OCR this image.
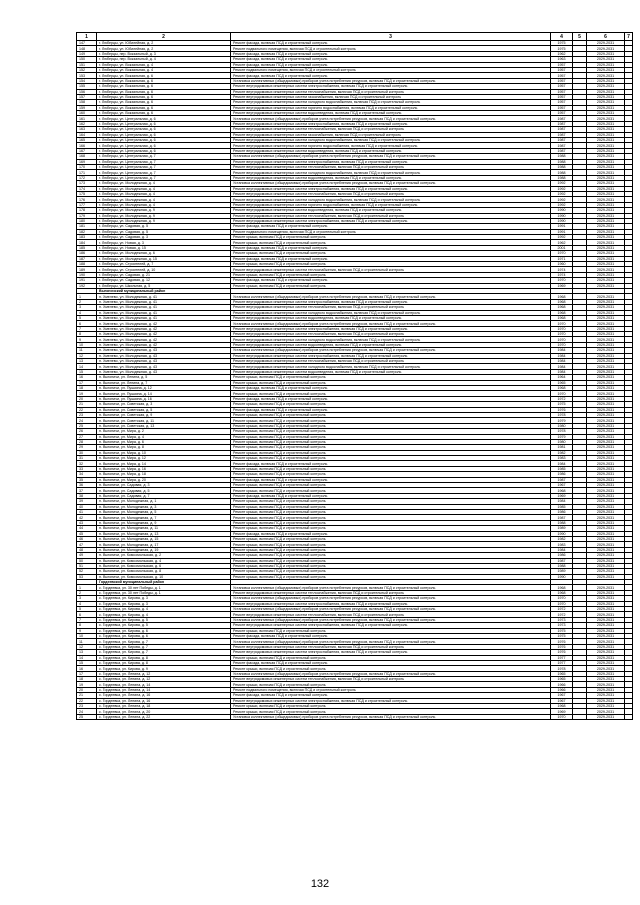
1	2	3	4	5	6	7
147	г. Люберцы, ул. Юбилейная, д. 2	Ремонт фасада, включая ПСД и строительный контроль	1975		2029-2031	
148	г. Люберцы, ул. Юбилейная, д. 2	Ремонт подвального помещения, включая ПСД и строительный контроль	1975		2029-2031	
149	г. Люберцы, пер. Вокзальный, д. 3	Ремонт фасада, включая ПСД и строительный контроль	1962		2029-2031	
150	г. Люберцы, пер. Вокзальный, д. 4	Ремонт фасада, включая ПСД и строительный контроль	1963		2029-2031	
151	г. Люберцы, ул. Вокзальная, д. 4	Ремонт фасада, включая ПСД и строительный контроль	1957		2029-2031	
152	г. Люберцы, ул. Вокзальная, д. 4	Ремонт подвального помещения, включая ПСД и строительный контроль	1957		2029-2031	
153	г. Люберцы, ул. Вокзальная, д. 6	Ремонт фасада, включая ПСД и строительный контроль	1957		2029-2031	
154	г. Люберцы, ул. Вокзальная, д. 6	Установка коллективных (общедомовых) приборов учета потребления ресурсов, включая ПСД и строительный контроль	1957		2029-2031	
155	г. Люберцы, ул. Вокзальная, д. 6	Ремонт внутридомовых инженерных систем электроснабжения, включая ПСД и строительный контроль	1957		2029-2031	
156	г. Люберцы, ул. Вокзальная, д. 6	Ремонт внутридомовых инженерных систем теплоснабжения, включая ПСД и строительный контроль	1957		2029-2031	
157	г. Люберцы, ул. Вокзальная, д. 6	Ремонт внутридомовых инженерных систем газоснабжения, включая ПСД и строительный контроль	1957		2029-2031	
158	г. Люберцы, ул. Вокзальная, д. 6	Ремонт внутридомовых инженерных систем холодного водоснабжения, включая ПСД и строительный контроль	1957		2029-2031	
159	г. Люберцы, ул. Вокзальная, д. 6	Ремонт внутридомовых инженерных систем горячего водоснабжения, включая ПСД и строительный контроль	1957		2029-2031	
160	г. Люберцы, ул. Вокзальная, д. 6	Ремонт внутридомовых инженерных систем водоотведения, включая ПСД и строительный контроль	1957		2029-2031	
161	г. Люберцы, ул. Центральная, д. 6	Установка коллективных (общедомовых) приборов учета потребления ресурсов, включая ПСД и строительный контроль	1987		2029-2031	
162	г. Люберцы, ул. Центральная, д. 6	Ремонт внутридомовых инженерных систем электроснабжения, включая ПСД и строительный контроль	1987		2029-2031	
163	г. Люберцы, ул. Центральная, д. 6	Ремонт внутридомовых инженерных систем теплоснабжения, включая ПСД и строительный контроль	1987		2029-2031	
164	г. Люберцы, ул. Центральная, д. 6	Ремонт внутридомовых инженерных систем газоснабжения, включая ПСД и строительный контроль	1987		2029-2031	
165	г. Люберцы, ул. Центральная, д. 6	Ремонт внутридомовых инженерных систем холодного водоснабжения, включая ПСД и строительный контроль	1987		2029-2031	
166	г. Люберцы, ул. Центральная, д. 6	Ремонт внутридомовых инженерных систем горячего водоснабжения, включая ПСД и строительный контроль	1987		2029-2031	
167	г. Люберцы, ул. Центральная, д. 6	Ремонт внутридомовых инженерных систем водоотведения, включая ПСД и строительный контроль	1987		2029-2031	
168	г. Люберцы, ул. Центральная, д. 7	Установка коллективных (общедомовых) приборов учета потребления ресурсов, включая ПСД и строительный контроль	1988		2029-2031	
169	г. Люберцы, ул. Центральная, д. 7	Ремонт внутридомовых инженерных систем электроснабжения, включая ПСД и строительный контроль	1988		2029-2031	
170	г. Люберцы, ул. Центральная, д. 7	Ремонт внутридомовых инженерных систем теплоснабжения, включая ПСД и строительный контроль	1988		2029-2031	
171	г. Люберцы, ул. Центральная, д. 7	Ремонт внутридомовых инженерных систем холодного водоснабжения, включая ПСД и строительный контроль	1988		2029-2031	
172	г. Люберцы, ул. Центральная, д. 7	Ремонт внутридомовых инженерных систем водоотведения, включая ПСД и строительный контроль	1988		2029-2031	
173	г. Люберцы, ул. Молодежная, д. 4	Установка коллективных (общедомовых) приборов учета потребления ресурсов, включая ПСД и строительный контроль	1992		2029-2031	
174	г. Люберцы, ул. Молодежная, д. 4	Ремонт внутридомовых инженерных систем электроснабжения, включая ПСД и строительный контроль	1992		2029-2031	
175	г. Люберцы, ул. Молодежная, д. 4	Ремонт внутридомовых инженерных систем теплоснабжения, включая ПСД и строительный контроль	1992		2029-2031	
176	г. Люберцы, ул. Молодежная, д. 4	Ремонт внутридомовых инженерных систем холодного водоснабжения, включая ПСД и строительный контроль	1992		2029-2031	
177	г. Люберцы, ул. Молодежная, д. 4	Ремонт внутридомовых инженерных систем горячего водоснабжения, включая ПСД и строительный контроль	1992		2029-2031	
178	г. Люберцы, ул. Молодежная, д. 9	Ремонт внутридомовых инженерных систем водоотведения, включая ПСД и строительный контроль	1990		2029-2031	
179	г. Люберцы, ул. Молодежная, д. 9	Ремонт внутридомовых инженерных систем теплоснабжения, включая ПСД и строительный контроль	1990		2029-2031	
180	г. Люберцы, ул. Молодежная, д. 9	Ремонт внутридомовых инженерных систем электроснабжения, включая ПСД и строительный контроль	1990		2029-2031	
181	г. Люберцы, ул. Садовая, д. 5	Ремонт фасада, включая ПСД и строительный контроль	1991		2029-2031	
182	г. Люберцы, ул. Садовая, д. 5	Ремонт подвального помещения, включая ПСД и строительный контроль	1991		2029-2031	
183	г. Люберцы, ул. Садовая, д. 3	Ремонт крыши, включая ПСД и строительный контроль	1992		2029-2031	
184	г. Люберцы, ул. Новая, д. 3	Ремонт крыши, включая ПСД и строительный контроль	1962		2029-2031	
185	г. Люберцы, ул. Новая, д. 15	Ремонт фасада, включая ПСД и строительный контроль	2001		2029-2031	
186	г. Люберцы, ул. Молодежная, д. 6	Ремонт крыши, включая ПСД и строительный контроль	1970		2029-2031	
187	г. Люберцы, ул. Молодежная, д. 15	Ремонт фасада, включая ПСД и строительный контроль	1971		2029-2031	
188	г. Люберцы, ул. Строителей, д. 7	Ремонт крыши, включая ПСД и строительный контроль	1960		2029-2031	
189	г. Люберцы, ул. Строителей, д. 10	Ремонт внутридомовых инженерных систем теплоснабжения, включая ПСД и строительный контроль	1974		2029-2031	
190	г. Люберцы, ул. Садовая, д. 21	Ремонт крыши, включая ПСД и строительный контроль	1974		2029-2031	
191	г. Люберцы, ул. Садовая, д. 12	Ремонт фасада, включая ПСД и строительный контроль	1970		2029-2031	
192	г. Люберцы, ул. Школьная, д. 5	Ремонт крыши, включая ПСД и строительный контроль	1969		2029-2031	
	Выгоничский муниципальный район					
1	п. Хмелево, ул. Молодежная, д. 41	Установка коллективных (общедомовых) приборов учета потребления ресурсов, включая ПСД и строительный контроль	1968		2029-2031	
2	п. Хмелево, ул. Молодежная, д. 41	Ремонт внутридомовых инженерных систем электроснабжения, включая ПСД и строительный контроль	1968		2029-2031	
3	п. Хмелево, ул. Молодежная, д. 41	Ремонт внутридомовых инженерных систем теплоснабжения, включая ПСД и строительный контроль	1968		2029-2031	
4	п. Хмелево, ул. Молодежная, д. 41	Ремонт внутридомовых инженерных систем холодного водоснабжения, включая ПСД и строительный контроль	1968		2029-2031	
5	п. Хмелево, ул. Молодежная, д. 41	Ремонт внутридомовых инженерных систем водоотведения, включая ПСД и строительный контроль	1968		2029-2031	
6	п. Хмелево, ул. Молодежная, д. 42	Установка коллективных (общедомовых) приборов учета потребления ресурсов, включая ПСД и строительный контроль	1970		2029-2031	
7	п. Хмелево, ул. Молодежная, д. 42	Ремонт внутридомовых инженерных систем электроснабжения, включая ПСД и строительный контроль	1970		2029-2031	
8	п. Хмелево, ул. Молодежная, д. 42	Ремонт внутридомовых инженерных систем теплоснабжения, включая ПСД и строительный контроль	1970		2029-2031	
9	п. Хмелево, ул. Молодежная, д. 42	Ремонт внутридомовых инженерных систем холодного водоснабжения, включая ПСД и строительный контроль	1970		2029-2031	
10	п. Хмелево, ул. Молодежная, д. 42	Ремонт внутридомовых инженерных систем водоотведения, включая ПСД и строительный контроль	1970		2029-2031	
11	п. Хмелево, ул. Молодежная, д. 43	Установка коллективных (общедомовых) приборов учета потребления ресурсов, включая ПСД и строительный контроль	1984		2029-2031	
12	п. Хмелево, ул. Молодежная, д. 43	Ремонт внутридомовых инженерных систем электроснабжения, включая ПСД и строительный контроль	1984		2029-2031	
13	п. Хмелево, ул. Молодежная, д. 43	Ремонт внутридомовых инженерных систем теплоснабжения, включая ПСД и строительный контроль	1984		2029-2031	
14	п. Хмелево, ул. Молодежная, д. 43	Ремонт внутридомовых инженерных систем холодного водоснабжения, включая ПСД и строительный контроль	1984		2029-2031	
15	п. Хмелево, ул. Молодежная, д. 43	Ремонт внутридомовых инженерных систем водоотведения, включая ПСД и строительный контроль	1984		2029-2031	
16	п. Выгоничи, ул. Ленина, д. 5	Ремонт крыши, включая ПСД и строительный контроль	1964		2029-2031	
17	п. Выгоничи, ул. Ленина, д. 7	Ремонт крыши, включая ПСД и строительный контроль	1965		2029-2031	
18	п. Выгоничи, ул. Пушкина, д. 12	Ремонт фасада, включая ПСД и строительный контроль	1968		2029-2031	
19	п. Выгоничи, ул. Пушкина, д. 14	Ремонт крыши, включая ПСД и строительный контроль	1970		2029-2031	
20	п. Выгоничи, ул. Пушкина, д. 16	Ремонт фасада, включая ПСД и строительный контроль	1972		2029-2031	
21	п. Выгоничи, ул. Советская, д. 3	Ремонт крыши, включая ПСД и строительный контроль	1975		2029-2031	
22	п. Выгоничи, ул. Советская, д. 5	Ремонт фасада, включая ПСД и строительный контроль	1976		2029-2031	
23	п. Выгоничи, ул. Советская, д. 9	Ремонт крыши, включая ПСД и строительный контроль	1978		2029-2031	
24	п. Выгоничи, ул. Советская, д. 11	Ремонт крыши, включая ПСД и строительный контроль	1979		2029-2031	
25	п. Выгоничи, ул. Советская, д. 13	Ремонт крыши, включая ПСД и строительный контроль	1980		2029-2031	
26	п. Выгоничи, ул. Мира, д. 2	Ремонт крыши, включая ПСД и строительный контроль	1978		2029-2031	
27	п. Выгоничи, ул. Мира, д. 4	Ремонт крыши, включая ПСД и строительный контроль	1979		2029-2031	
28	п. Выгоничи, ул. Мира, д. 6	Ремонт крыши, включая ПСД и строительный контроль	1980		2029-2031	
29	п. Выгоничи, ул. Мира, д. 8	Ремонт крыши, включая ПСД и строительный контроль	1981		2029-2031	
30	п. Выгоничи, ул. Мира, д. 10	Ремонт крыши, включая ПСД и строительный контроль	1982		2029-2031	
31	п. Выгоничи, ул. Мира, д. 12	Ремонт крыши, включая ПСД и строительный контроль	1983		2029-2031	
32	п. Выгоничи, ул. Мира, д. 14	Ремонт фасада, включая ПСД и строительный контроль	1984		2029-2031	
33	п. Выгоничи, ул. Мира, д. 16	Ремонт крыши, включая ПСД и строительный контроль	1985		2029-2031	
34	п. Выгоничи, ул. Мира, д. 18	Ремонт крыши, включая ПСД и строительный контроль	1986		2029-2031	
35	п. Выгоничи, ул. Мира, д. 20	Ремонт фасада, включая ПСД и строительный контроль	1987		2029-2031	
36	п. Выгоничи, ул. Садовая, д. 3	Ремонт крыши, включая ПСД и строительный контроль	1967		2029-2031	
37	п. Выгоничи, ул. Садовая, д. 5	Ремонт крыши, включая ПСД и строительный контроль	1968		2029-2031	
38	п. Выгоничи, ул. Садовая, д. 7	Ремонт фасада, включая ПСД и строительный контроль	1969		2029-2031	
39	п. Выгоничи, ул. Молодежная, д. 1	Ремонт крыши, включая ПСД и строительный контроль	1984		2029-2031	
40	п. Выгоничи, ул. Молодежная, д. 3	Ремонт крыши, включая ПСД и строительный контроль	1985		2029-2031	
41	п. Выгоничи, ул. Молодежная, д. 5	Ремонт крыши, включая ПСД и строительный контроль	1986		2029-2031	
42	п. Выгоничи, ул. Молодежная, д. 7	Ремонт крыши, включая ПСД и строительный контроль	1987		2029-2031	
43	п. Выгоничи, ул. Молодежная, д. 9	Ремонт крыши, включая ПСД и строительный контроль	1988		2029-2031	
44	п. Выгоничи, ул. Молодежная, д. 11	Ремонт крыши, включая ПСД и строительный контроль	1989		2029-2031	
45	п. Выгоничи, ул. Молодежная, д. 13	Ремонт фасада, включая ПСД и строительный контроль	1990		2029-2031	
46	п. Выгоничи, ул. Молодежная, д. 15	Ремонт крыши, включая ПСД и строительный контроль	1982		2029-2031	
47	п. Выгоничи, ул. Молодежная, д. 17	Ремонт крыши, включая ПСД и строительный контроль	1983		2029-2031	
48	п. Выгоничи, ул. Молодежная, д. 19	Ремонт крыши, включая ПСД и строительный контроль	1984		2029-2031	
49	п. Выгоничи, ул. Комсомольская, д. 2	Ремонт крыши, включая ПСД и строительный контроль	1986		2029-2031	
50	п. Выгоничи, ул. Комсомольская, д. 4	Ремонт крыши, включая ПСД и строительный контроль	1987		2029-2031	
51	п. Выгоничи, ул. Комсомольская, д. 6	Ремонт крыши, включая ПСД и строительный контроль	1988		2029-2031	
52	п. Выгоничи, ул. Комсомольская, д. 8	Ремонт крыши, включая ПСД и строительный контроль	1989		2029-2031	
53	п. Выгоничи, ул. Комсомольская, д. 10	Ремонт крыши, включая ПСД и строительный контроль	1990		2029-2031	
	Гордеевский муниципальный район					
1	с. Гордеевка, ул. 30 лет Победы, д. 1	Установка коллективных (общедомовых) приборов учета потребления ресурсов, включая ПСД и строительный контроль	1968		2029-2031	
2	с. Гордеевка, ул. 30 лет Победы, д. 1	Ремонт внутридомовых инженерных систем теплоснабжения, включая ПСД и строительный контроль	1968		2029-2031	
3	с. Гордеевка, ул. Кирова, д. 3	Установка коллективных (общедомовых) приборов учета потребления ресурсов, включая ПСД и строительный контроль	1970		2029-2031	
4	с. Гордеевка, ул. Кирова, д. 3	Ремонт внутридомовых инженерных систем электроснабжения, включая ПСД и строительный контроль	1970		2029-2031	
5	с. Гордеевка, ул. Кирова, д. 4	Установка коллективных (общедомовых) приборов учета потребления ресурсов, включая ПСД и строительный контроль	1972		2029-2031	
6	с. Гордеевка, ул. Кирова, д. 4	Ремонт внутридомовых инженерных систем теплоснабжения, включая ПСД и строительный контроль	1972		2029-2031	
7	с. Гордеевка, ул. Кирова, д. 5	Установка коллективных (общедомовых) приборов учета потребления ресурсов, включая ПСД и строительный контроль	1973		2029-2031	
8	с. Гордеевка, ул. Кирова, д. 5	Ремонт внутридомовых инженерных систем электроснабжения, включая ПСД и строительный контроль	1973		2029-2031	
9	с. Гордеевка, ул. Кирова, д. 6	Ремонт крыши, включая ПСД и строительный контроль	1975		2029-2031	
10	с. Гордеевка, ул. Кирова, д. 6	Ремонт фасада, включая ПСД и строительный контроль	1975		2029-2031	
11	с. Гордеевка, ул. Кирова, д. 7	Установка коллективных (общедомовых) приборов учета потребления ресурсов, включая ПСД и строительный контроль	1976		2029-2031	
12	с. Гордеевка, ул. Кирова, д. 7	Ремонт внутридомовых инженерных систем теплоснабжения, включая ПСД и строительный контроль	1976		2029-2031	
13	с. Гордеевка, ул. Кирова, д. 7	Ремонт внутридомовых инженерных систем электроснабжения, включая ПСД и строительный контроль	1976		2029-2031	
14	с. Гордеевка, ул. Кирова, д. 8	Ремонт крыши, включая ПСД и строительный контроль	1977		2029-2031	
15	с. Гордеевка, ул. Кирова, д. 8	Ремонт фасада, включая ПСД и строительный контроль	1977		2029-2031	
16	с. Гордеевка, ул. Кирова, д. 9	Ремонт крыши, включая ПСД и строительный контроль	1978		2029-2031	
17	с. Гордеевка, ул. Ленина, д. 12	Установка коллективных (общедомовых) приборов учета потребления ресурсов, включая ПСД и строительный контроль	1965		2029-2031	
18	с. Гордеевка, ул. Ленина, д. 12	Ремонт внутридомовых инженерных систем теплоснабжения, включая ПСД и строительный контроль	1965		2029-2031	
19	с. Гордеевка, ул. Ленина, д. 14	Ремонт крыши, включая ПСД и строительный контроль	1966		2029-2031	
20	с. Гордеевка, ул. Ленина, д. 14	Ремонт подвального помещения, включая ПСД и строительный контроль	1966		2029-2031	
21	с. Гордеевка, ул. Ленина, д. 16	Ремонт фасада, включая ПСД и строительный контроль	1967		2029-2031	
22	с. Гордеевка, ул. Ленина, д. 16	Ремонт внутридомовых инженерных систем электроснабжения, включая ПСД и строительный контроль	1967		2029-2031	
23	с. Гордеевка, ул. Ленина, д. 18	Ремонт крыши, включая ПСД и строительный контроль	1968		2029-2031	
24	с. Гордеевка, ул. Ленина, д. 20	Ремонт крыши, включая ПСД и строительный контроль	1969		2029-2031	
25	с. Гордеевка, ул. Ленина, д. 22	Установка коллективных (общедомовых) приборов учета потребления ресурсов, включая ПСД и строительный контроль	1970		2029-2031	
132
